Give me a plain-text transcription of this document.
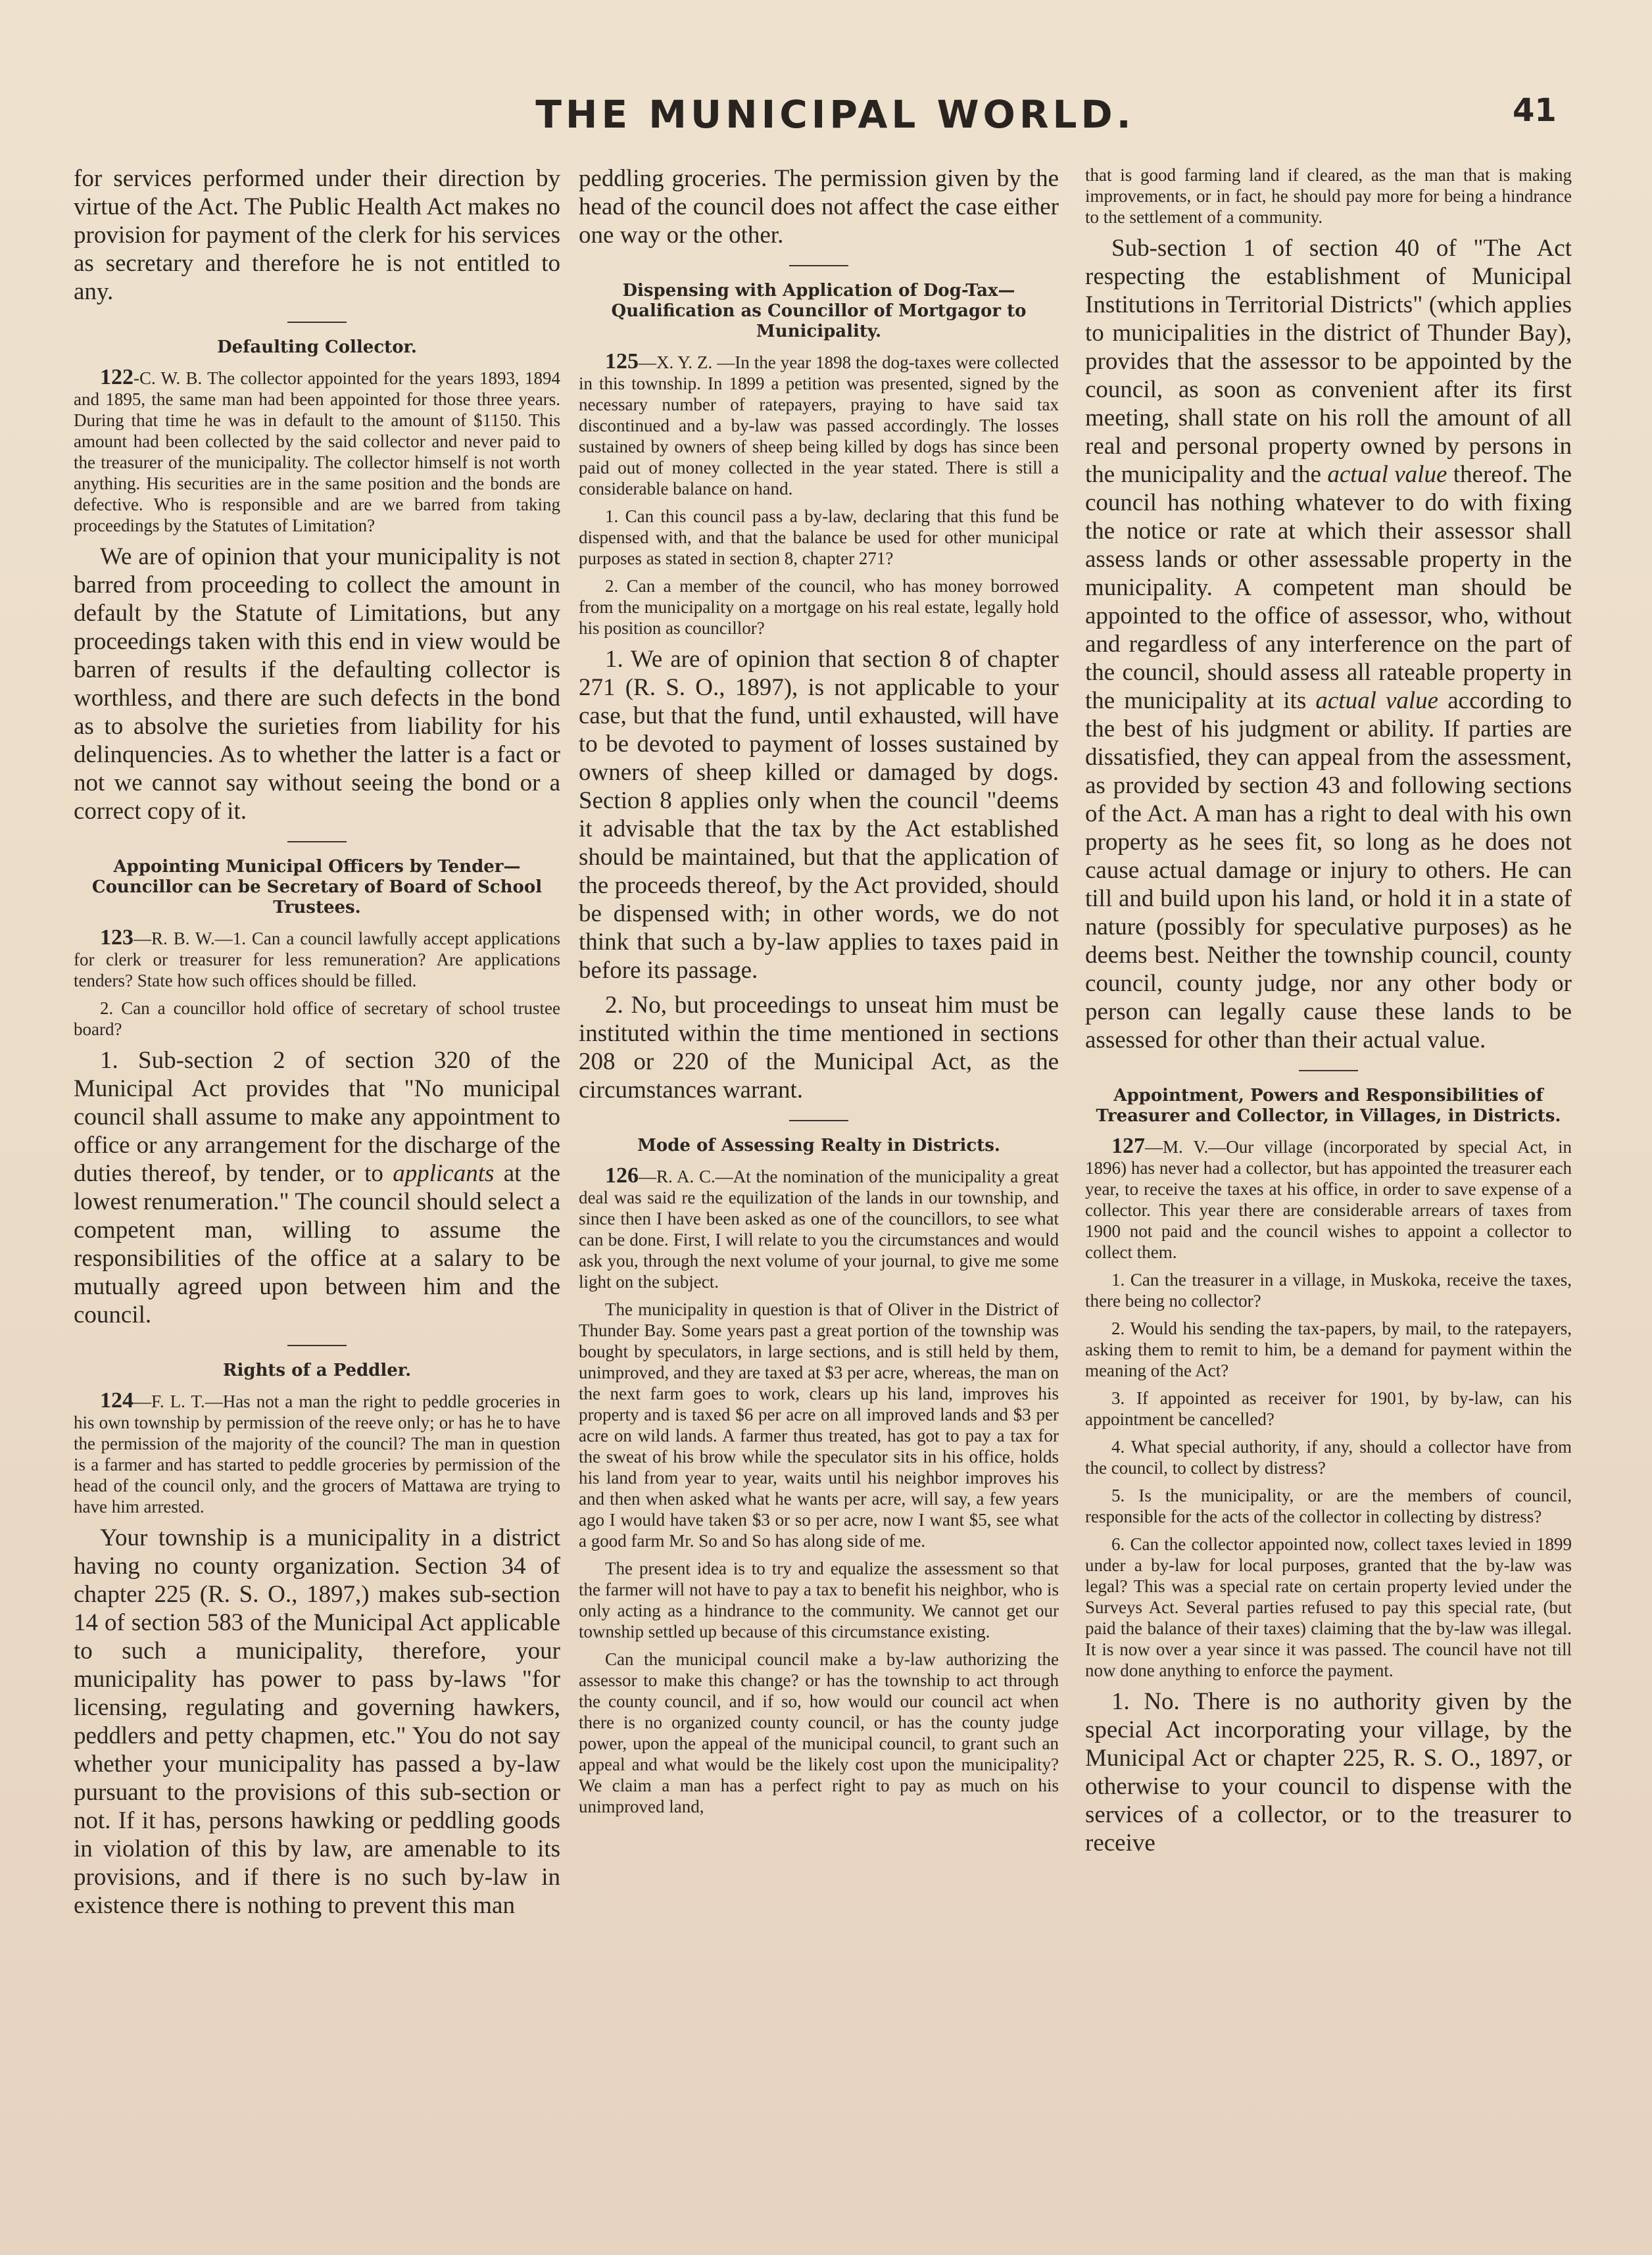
THE MUNICIPAL WORLD.	41

for services performed under their direction by virtue of the Act. The Public Health Act makes no provision for payment of the clerk for his services as secretary and therefore he is not entitled to any.

Defaulting Collector.

122-C. W. B. The collector appointed for the years 1893, 1894 and 1895, the same man had been appointed for those three years. During that time he was in default to the amount of $1150. This amount had been collected by the said collector and never paid to the treasurer of the municipality. The collector himself is not worth anything. His securities are in the same position and the bonds are defective. Who is responsible and are we barred from taking proceedings by the Statutes of Limitation?

We are of opinion that your municipality is not barred from proceeding to collect the amount in default by the Statute of Limitations, but any proceedings taken with this end in view would be barren of results if the defaulting collector is worthless, and there are such defects in the bond as to absolve the surieties from liability for his delinquencies. As to whether the latter is a fact or not we cannot say without seeing the bond or a correct copy of it.

Appointing Municipal Officers by Tender—Councillor can be Secretary of Board of School Trustees.

123—R. B. W.—1. Can a council lawfully accept applications for clerk or treasurer for less remuneration? Are applications tenders? State how such offices should be filled.

2. Can a councillor hold office of secretary of school trustee board?

1. Sub-section 2 of section 320 of the Municipal Act provides that "No municipal council shall assume to make any appointment to office or any arrangement for the discharge of the duties thereof, by tender, or to applicants at the lowest renumeration." The council should select a competent man, willing to assume the responsibilities of the office at a salary to be mutually agreed upon between him and the council.

Rights of a Peddler.

124—F. L. T.—Has not a man the right to peddle groceries in his own township by permission of the reeve only; or has he to have the permission of the majority of the council? The man in question is a farmer and has started to peddle groceries by permission of the head of the council only, and the grocers of Mattawa are trying to have him arrested.

Your township is a municipality in a district having no county organization. Section 34 of chapter 225 (R. S. O., 1897,) makes sub-section 14 of section 583 of the Municipal Act applicable to such a municipality, therefore, your municipality has power to pass by-laws "for licensing, regulating and governing hawkers, peddlers and petty chapmen, etc." You do not say whether your municipality has passed a by-law pursuant to the provisions of this sub-section or not. If it has, persons hawking or peddling goods in violation of this by law, are amenable to its provisions, and if there is no such by-law in existence there is nothing to prevent this man

peddling groceries. The permission given by the head of the council does not affect the case either one way or the other.

Dispensing with Application of Dog-Tax—Qualification as Councillor of Mortgagor to Municipality.

125—X. Y. Z. —In the year 1898 the dog-taxes were collected in this township. In 1899 a petition was presented, signed by the necessary number of ratepayers, praying to have said tax discontinued and a by-law was passed accordingly. The losses sustained by owners of sheep being killed by dogs has since been paid out of money collected in the year stated. There is still a considerable balance on hand.

1. Can this council pass a by-law, declaring that this fund be dispensed with, and that the balance be used for other municipal purposes as stated in section 8, chapter 271?

2. Can a member of the council, who has money borrowed from the municipality on a mortgage on his real estate, legally hold his position as councillor?

1. We are of opinion that section 8 of chapter 271 (R. S. O., 1897), is not applicable to your case, but that the fund, until exhausted, will have to be devoted to payment of losses sustained by owners of sheep killed or damaged by dogs. Section 8 applies only when the council "deems it advisable that the tax by the Act established should be maintained, but that the application of the proceeds thereof, by the Act provided, should be dispensed with; in other words, we do not think that such a by-law applies to taxes paid in before its passage.

2. No, but proceedings to unseat him must be instituted within the time mentioned in sections 208 or 220 of the Municipal Act, as the circumstances warrant.

Mode of Assessing Realty in Districts.

126—R. A. C.—At the nomination of the municipality a great deal was said re the equilization of the lands in our township, and since then I have been asked as one of the councillors, to see what can be done. First, I will relate to you the circumstances and would ask you, through the next volume of your journal, to give me some light on the subject.

The municipality in question is that of Oliver in the District of Thunder Bay. Some years past a great portion of the township was bought by speculators, in large sections, and is still held by them, unimproved, and they are taxed at $3 per acre, whereas, the man on the next farm goes to work, clears up his land, improves his property and is taxed $6 per acre on all improved lands and $3 per acre on wild lands. A farmer thus treated, has got to pay a tax for the sweat of his brow while the speculator sits in his office, holds his land from year to year, waits until his neighbor improves his and then when asked what he wants per acre, will say, a few years ago I would have taken $3 or so per acre, now I want $5, see what a good farm Mr. So and So has along side of me.

The present idea is to try and equalize the assessment so that the farmer will not have to pay a tax to benefit his neighbor, who is only acting as a hindrance to the community. We cannot get our township settled up because of this circumstance existing.

Can the municipal council make a by-law authorizing the assessor to make this change? or has the township to act through the county council, and if so, how would our council act when there is no organized county council, or has the county judge power, upon the appeal of the municipal council, to grant such an appeal and what would be the likely cost upon the municipality? We claim a man has a perfect right to pay as much on his unimproved land,

that is good farming land if cleared, as the man that is making improvements, or in fact, he should pay more for being a hindrance to the settlement of a community.

Sub-section 1 of section 40 of "The Act respecting the establishment of Municipal Institutions in Territorial Districts" (which applies to municipalities in the district of Thunder Bay), provides that the assessor to be appointed by the council, as soon as convenient after its first meeting, shall state on his roll the amount of all real and personal property owned by persons in the municipality and the actual value thereof. The council has nothing whatever to do with fixing the notice or rate at which their assessor shall assess lands or other assessable property in the municipality. A competent man should be appointed to the office of assessor, who, without and regardless of any interference on the part of the council, should assess all rateable property in the municipality at its actual value according to the best of his judgment or ability. If parties are dissatisfied, they can appeal from the assessment, as provided by section 43 and following sections of the Act. A man has a right to deal with his own property as he sees fit, so long as he does not cause actual damage or injury to others. He can till and build upon his land, or hold it in a state of nature (possibly for speculative purposes) as he deems best. Neither the township council, county council, county judge, nor any other body or person can legally cause these lands to be assessed for other than their actual value.

Appointment, Powers and Responsibilities of Treasurer and Collector, in Villages, in Districts.

127—M. V.—Our village (incorporated by special Act, in 1896) has never had a collector, but has appointed the treasurer each year, to receive the taxes at his office, in order to save expense of a collector. This year there are considerable arrears of taxes from 1900 not paid and the council wishes to appoint a collector to collect them.

1. Can the treasurer in a village, in Muskoka, receive the taxes, there being no collector?

2. Would his sending the tax-papers, by mail, to the ratepayers, asking them to remit to him, be a demand for payment within the meaning of the Act?

3. If appointed as receiver for 1901, by by-law, can his appointment be cancelled?

4. What special authority, if any, should a collector have from the council, to collect by distress?

5. Is the municipality, or are the members of council, responsible for the acts of the collector in collecting by distress?

6. Can the collector appointed now, collect taxes levied in 1899 under a by-law for local purposes, granted that the by-law was legal? This was a special rate on certain property levied under the Surveys Act. Several parties refused to pay this special rate, (but paid the balance of their taxes) claiming that the by-law was illegal. It is now over a year since it was passed. The council have not till now done anything to enforce the payment.

1. No. There is no authority given by the special Act incorporating your village, by the Municipal Act or chapter 225, R. S. O., 1897, or otherwise to your council to dispense with the services of a collector, or to the treasurer to receive
